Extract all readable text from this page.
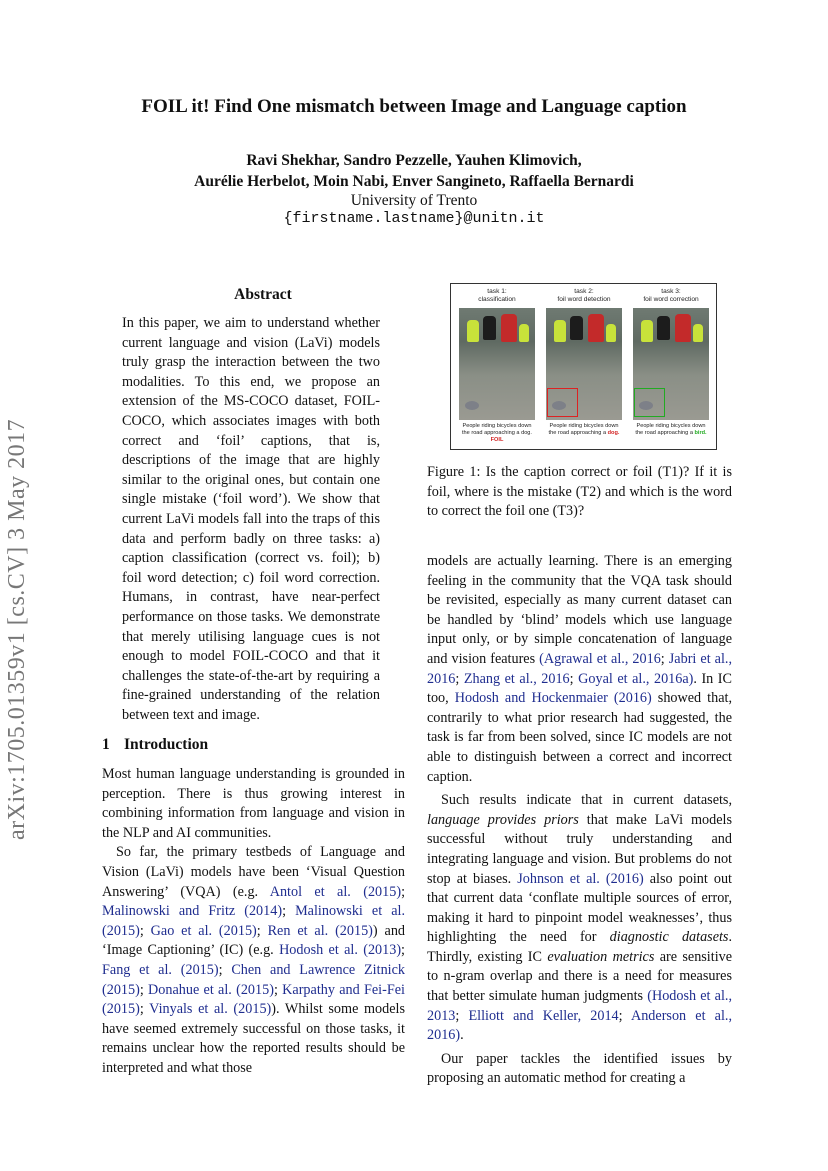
FOIL it! Find One mismatch between Image and Language caption
Ravi Shekhar, Sandro Pezzelle, Yauhen Klimovich,
Aurélie Herbelot, Moin Nabi, Enver Sangineto, Raffaella Bernardi
University of Trento
{firstname.lastname}@unitn.it
arXiv:1705.01359v1 [cs.CV] 3 May 2017
Abstract
In this paper, we aim to understand whether current language and vision (LaVi) models truly grasp the interaction between the two modalities. To this end, we propose an extension of the MS-COCO dataset, FOIL-COCO, which associates images with both correct and ‘foil’ captions, that is, descriptions of the image that are highly similar to the original ones, but contain one single mistake (‘foil word’). We show that current LaVi models fall into the traps of this data and perform badly on three tasks: a) caption classification (correct vs. foil); b) foil word detection; c) foil word correction. Humans, in contrast, have near-perfect performance on those tasks. We demonstrate that merely utilising language cues is not enough to model FOIL-COCO and that it challenges the state-of-the-art by requiring a fine-grained understanding of the relation between text and image.
1 Introduction

Most human language understanding is grounded in perception. There is thus growing interest in combining information from language and vision in the NLP and AI communities.

So far, the primary testbeds of Language and Vision (LaVi) models have been ‘Visual Question Answering’ (VQA) (e.g. Antol et al. (2015); Malinowski and Fritz (2014); Malinowski et al. (2015); Gao et al. (2015); Ren et al. (2015)) and ‘Image Captioning’ (IC) (e.g. Hodosh et al. (2013); Fang et al. (2015); Chen and Lawrence Zitnick (2015); Donahue et al. (2015); Karpathy and Fei-Fei (2015); Vinyals et al. (2015)). Whilst some models have seemed extremely successful on those tasks, it remains unclear how the reported results should be interpreted and what those

task 1:
classification
People riding bicycles down
the road approaching a dog.
FOIL
task 2:
foil word detection
People riding bicycles down
the road approaching a dog.
task 3:
foil word correction
People riding bicycles down
the road approaching a bird.
Figure 1: Is the caption correct or foil (T1)? If it is foil, where is the mistake (T2) and which is the word to correct the foil one (T3)?

models are actually learning. There is an emerging feeling in the community that the VQA task should be revisited, especially as many current dataset can be handled by ‘blind’ models which use language input only, or by simple concatenation of language and vision features (Agrawal et al., 2016; Jabri et al., 2016; Zhang et al., 2016; Goyal et al., 2016a). In IC too, Hodosh and Hockenmaier (2016) showed that, contrarily to what prior research had suggested, the task is far from been solved, since IC models are not able to distinguish between a correct and incorrect caption.

Such results indicate that in current datasets, language provides priors that make LaVi models successful without truly understanding and integrating language and vision. But problems do not stop at biases. Johnson et al. (2016) also point out that current data ‘conflate multiple sources of error, making it hard to pinpoint model weaknesses’, thus highlighting the need for diagnostic datasets. Thirdly, existing IC evaluation metrics are sensitive to n-gram overlap and there is a need for measures that better simulate human judgments (Hodosh et al., 2013; Elliott and Keller, 2014; Anderson et al., 2016).

Our paper tackles the identified issues by proposing an automatic method for creating a
